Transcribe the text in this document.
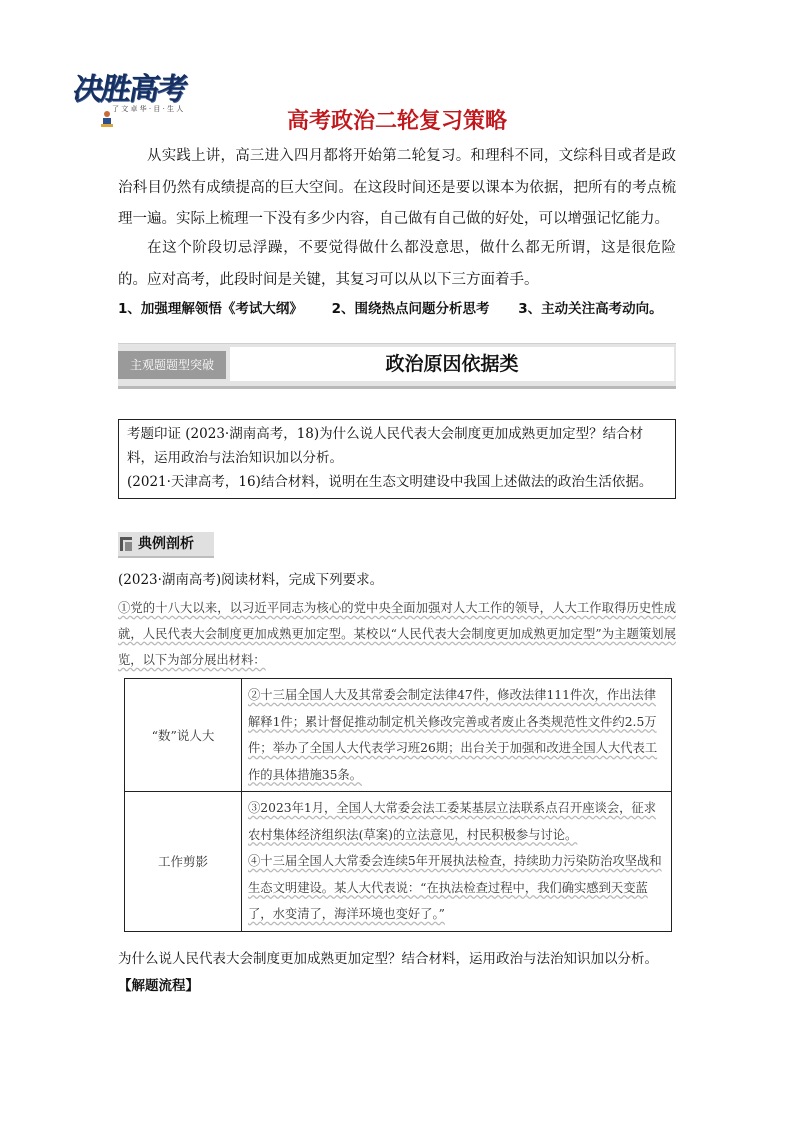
决胜高考
了 文 卓 华 · 目 · 生 人	高考政治二轮复习策略

从实践上讲，高三进入四月都将开始第二轮复习。和理科不同，文综科目或者是政治科目仍然有成绩提高的巨大空间。在这段时间还是要以课本为依据，把所有的考点梳理一遍。实际上梳理一下没有多少内容，自己做有自己做的好处，可以增强记忆能力。

在这个阶段切忌浮躁，不要觉得做什么都没意思，做什么都无所谓，这是很危险的。应对高考，此段时间是关键，其复习可以从以下三方面着手。

1、加强理解领悟《考试大纲》 2、围绕热点问题分析思考 3、主动关注高考动向。
主观题题型突破	政治原因依据类

考题印证 (2023·湖南高考，18)为什么说人民代表大会制度更加成熟更加定型？结合材料，运用政治与法治知识加以分析。

(2021·天津高考，16)结合材料，说明在生态文明建设中我国上述做法的政治生活依据。

典例剖析
(2023·湖南高考)阅读材料，完成下列要求。

①党的十八大以来，以习近平同志为核心的党中央全面加强对人大工作的领导，人大工作取得历史性成就，人民代表大会制度更加成熟更加定型。某校以“人民代表大会制度更加成熟更加定型”为主题策划展览，以下为部分展出材料：

“数”说人大	②十三届全国人大及其常委会制定法律47件，修改法律111件次，作出法律解释1件；累计督促推动制定机关修改完善或者废止各类规范性文件约2.5万件；举办了全国人大代表学习班26期；出台关于加强和改进全国人大代表工作的具体措施35条。
工作剪影	③2023年1月，全国人大常委会法工委某基层立法联系点召开座谈会，征求农村集体经济组织法(草案)的立法意见，村民积极参与讨论。
④十三届全国人大常委会连续5年开展执法检查，持续助力污染防治攻坚战和生态文明建设。某人大代表说：“在执法检查过程中，我们确实感到天变蓝了，水变清了，海洋环境也变好了。”
为什么说人民代表大会制度更加成熟更加定型？结合材料，运用政治与法治知识加以分析。
【解题流程】
